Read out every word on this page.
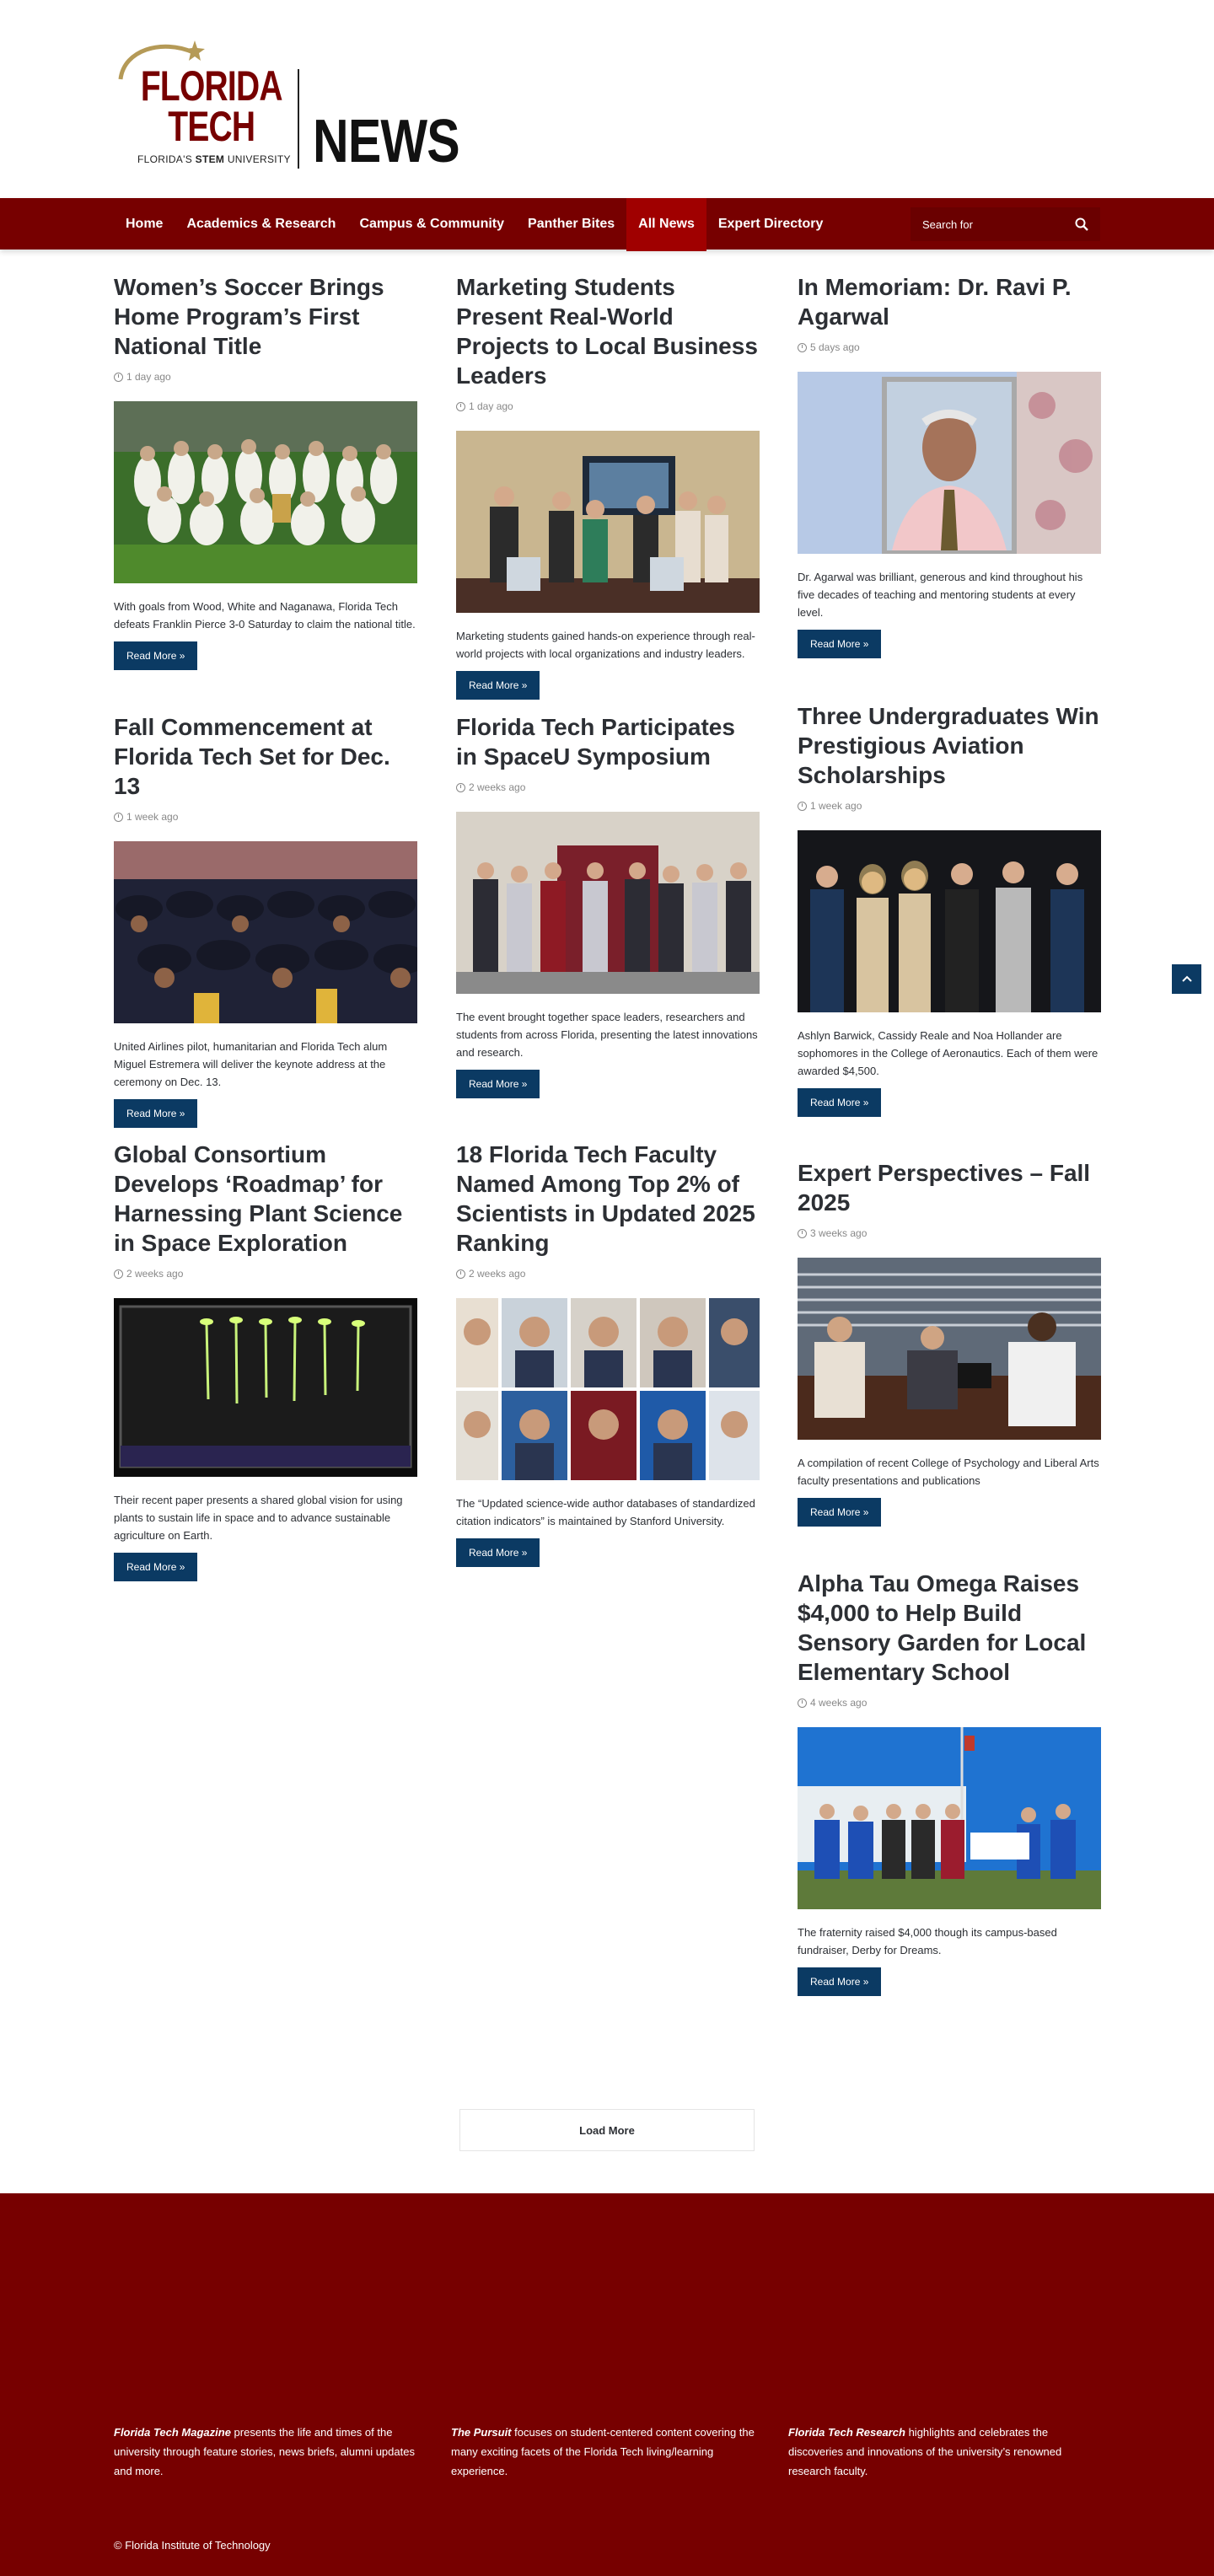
FLORIDA
TECH
FLORIDA'S STEM UNIVERSITY NEWS
Home	Academics & Research	Campus & Community	Panther Bites	All News	Expert Directory
Search for
Women’s Soccer Brings Home Program’s First National Title
1 day ago

With goals from Wood, White and Naganawa, Florida Tech defeats Franklin Pierce 3-0 Saturday to claim the national title.

Read More »
Marketing Students Present Real-World Projects to Local Business Leaders
1 day ago

Marketing students gained hands-on experience through real-world projects with local organizations and industry leaders.

Read More »
In Memoriam: Dr. Ravi P. Agarwal
5 days ago

Dr. Agarwal was brilliant, generous and kind throughout his five decades of teaching and mentoring students at every level.

Read More »
Fall Commencement at Florida Tech Set for Dec. 13
1 week ago

United Airlines pilot, humanitarian and Florida Tech alum Miguel Estremera will deliver the keynote address at the ceremony on Dec. 13.

Read More »
Florida Tech Participates in SpaceU Symposium
2 weeks ago

The event brought together space leaders, researchers and students from across Florida, presenting the latest innovations and research.

Read More »
Three Undergraduates Win Prestigious Aviation Scholarships
1 week ago

Ashlyn Barwick, Cassidy Reale and Noa Hollander are sophomores in the College of Aeronautics. Each of them were awarded $4,500.

Read More »
Global Consortium Develops ‘Roadmap’ for Harnessing Plant Science in Space Exploration
2 weeks ago

Their recent paper presents a shared global vision for using plants to sustain life in space and to advance sustainable agriculture on Earth.

Read More »
18 Florida Tech Faculty Named Among Top 2% of Scientists in Updated 2025 Ranking
2 weeks ago

The “Updated science-wide author databases of standardized citation indicators” is maintained by Stanford University.

Read More »
Expert Perspectives – Fall 2025
3 weeks ago

A compilation of recent College of Psychology and Liberal Arts faculty presentations and publications

Read More »
Alpha Tau Omega Raises $4,000 to Help Build Sensory Garden for Local Elementary School
4 weeks ago

The fraternity raised $4,000 though its campus-based fundraiser, Derby for Dreams.

Read More »
Load More

Florida Tech Magazine presents the life and times of the university through feature stories, news briefs, alumni updates and more.

The Pursuit focuses on student-centered content covering the many exciting facets of the Florida Tech living/learning experience.

Florida Tech Research highlights and celebrates the discoveries and innovations of the university’s renowned research faculty.

© Florida Institute of Technology
